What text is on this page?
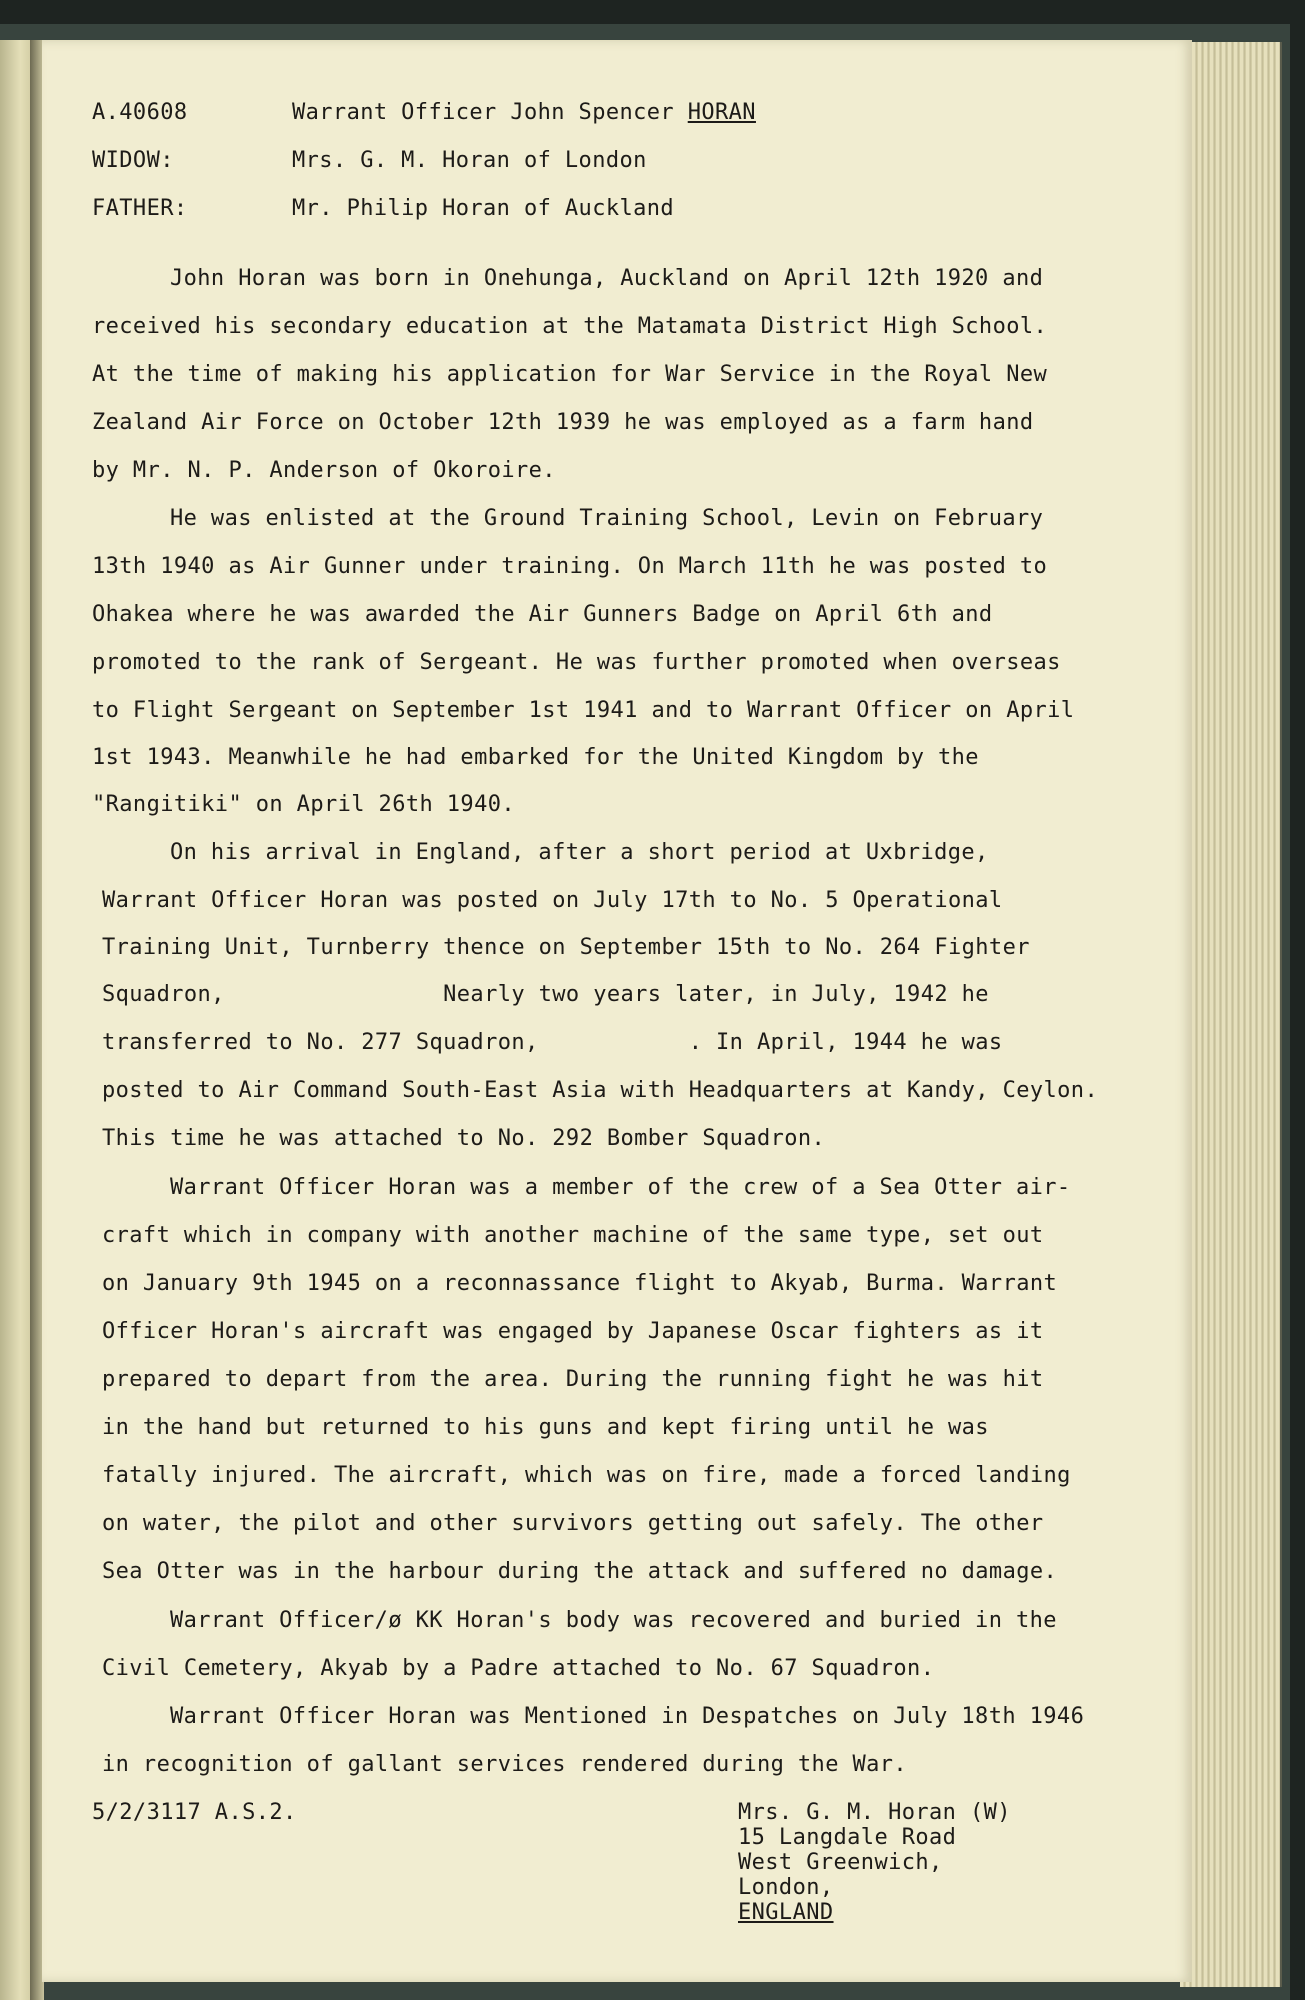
A.40608	Warrant Officer John Spencer HORAN
WIDOW:	Mrs. G. M. Horan of London
FATHER:	Mr. Philip Horan of Auckland
John Horan was born in Onehunga, Auckland on April 12th 1920 and
received his secondary education at the Matamata District High School.
At the time of making his application for War Service in the Royal New
Zealand Air Force on October 12th 1939 he was employed as a farm hand
by Mr. N. P. Anderson of Okoroire.
He was enlisted at the Ground Training School, Levin on February
13th 1940 as Air Gunner under training. On March 11th he was posted to
Ohakea where he was awarded the Air Gunners Badge on April 6th and
promoted to the rank of Sergeant. He was further promoted when overseas
to Flight Sergeant on September 1st 1941 and to Warrant Officer on April
1st 1943. Meanwhile he had embarked for the United Kingdom by the
"Rangitiki" on April 26th 1940.
On his arrival in England, after a short period at Uxbridge,
Warrant Officer Horan was posted on July 17th to No. 5 Operational
Training Unit, Turnberry thence on September 15th to No. 264 Fighter
Squadron,                Nearly two years later, in July, 1942 he
transferred to No. 277 Squadron,           . In April, 1944 he was
posted to Air Command South-East Asia with Headquarters at Kandy, Ceylon.
This time he was attached to No. 292 Bomber Squadron.
Warrant Officer Horan was a member of the crew of a Sea Otter air-
craft which in company with another machine of the same type, set out
on January 9th 1945 on a reconnassance flight to Akyab, Burma. Warrant
Officer Horan's aircraft was engaged by Japanese Oscar fighters as it
prepared to depart from the area. During the running fight he was hit
in the hand but returned to his guns and kept firing until he was
fatally injured. The aircraft, which was on fire, made a forced landing
on water, the pilot and other survivors getting out safely. The other
Sea Otter was in the harbour during the attack and suffered no damage.
Warrant Officer/ø KK Horan's body was recovered and buried in the
Civil Cemetery, Akyab by a Padre attached to No. 67 Squadron.
Warrant Officer Horan was Mentioned in Despatches on July 18th 1946
in recognition of gallant services rendered during the War.
5/2/3117 A.S.2.	Mrs. G. M. Horan (W)
15 Langdale Road
West Greenwich,
London,
ENGLAND
